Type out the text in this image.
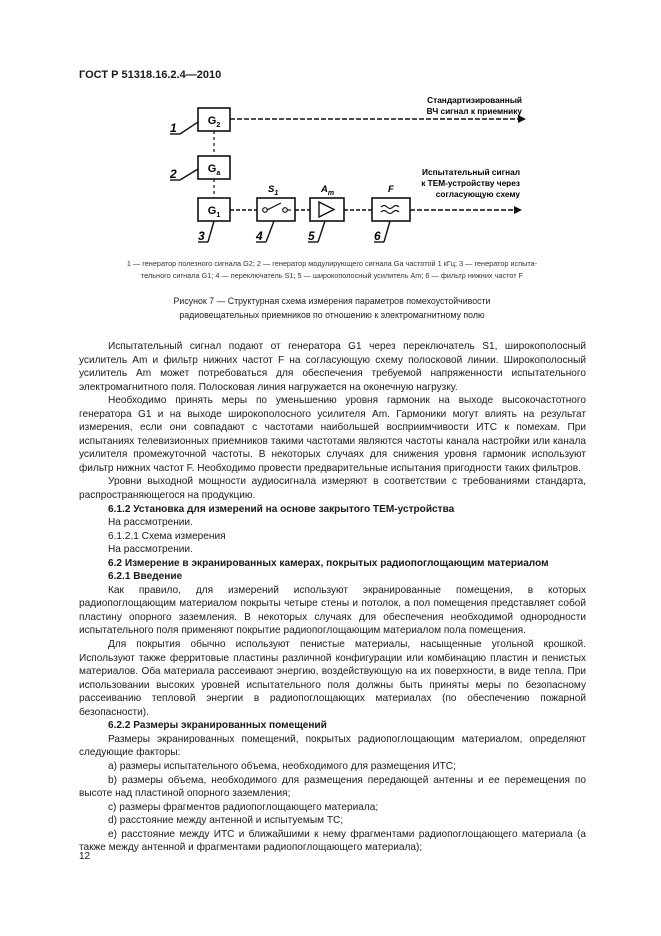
ГОСТ Р 51318.16.2.4—2010
$G_2$
$G_a$
$G_1$
$S_1$	$A_m$	F
1
2
3	4	5	6
Стандартизированный
ВЧ сигнал к приемнику
Испытательный сигнал
к ТЕМ-устройству через
согласующую схему
1 — генератор полезного сигнала G2; 2 — генератор модулирующего сигнала Ga частотой 1 кГц; 3 — генератор испыта-
тельного сигнала G1; 4 — переключатель S1; 5 — широкополосный усилитель Am; 6 — фильтр нижних частот F
Рисунок 7 — Структурная схема измерения параметров помехоустойчивости
радиовещательных приемников по отношению к электромагнитному полю

Испытательный сигнал подают от генератора G1 через переключатель S1, широкополосный усилитель Am и фильтр нижних частот F на согласующую схему полосковой линии. Широкополосный усилитель Am может потребоваться для обеспечения требуемой напряженности испытательного электромагнитного поля. Полосковая линия нагружается на оконечную нагрузку.

Необходимо принять меры по уменьшению уровня гармоник на выходе высокочастотного генератора G1 и на выходе широкополосного усилителя Am. Гармоники могут влиять на результат измерения, если они совпадают с частотами наибольшей восприимчивости ИТС к помехам. При испытаниях телевизионных приемников такими частотами являются частоты канала настройки или канала усилителя промежуточной частоты. В некоторых случаях для снижения уровня гармоник используют фильтр нижних частот F. Необходимо провести предварительные испытания пригодности таких фильтров.

Уровни выходной мощности аудиосигнала измеряют в соответствии с требованиями стандарта, распространяющегося на продукцию.

6.1.2 Установка для измерений на основе закрытого ТЕМ-устройства

На рассмотрении.

6.1.2.1 Схема измерения

На рассмотрении.

6.2 Измерение в экранированных камерах, покрытых радиопоглощающим материалом

6.2.1 Введение

Как правило, для измерений используют экранированные помещения, в которых радиопоглощающим материалом покрыты четыре стены и потолок, а пол помещения представляет собой пластину опорного заземления. В некоторых случаях для обеспечения необходимой однородности испытательного поля применяют покрытие радиопоглощающим материалом пола помещения.

Для покрытия обычно используют пенистые материалы, насыщенные угольной крошкой. Используют также ферритовые пластины различной конфигурации или комбинацию пластин и пенистых материалов. Оба материала рассеивают энергию, воздействующую на их поверхности, в виде тепла. При использовании высоких уровней испытательного поля должны быть приняты меры по безопасному рассеиванию тепловой энергии в радиопоглощающих материалах (по обеспечению пожарной безопасности).

6.2.2 Размеры экранированных помещений

Размеры экранированных помещений, покрытых радиопоглощающим материалом, определяют следующие факторы:

a) размеры испытательного объема, необходимого для размещения ИТС;

b) размеры объема, необходимого для размещения передающей антенны и ее перемещения по высоте над пластиной опорного заземления;

c) размеры фрагментов радиопоглощающего материала;

d) расстояние между антенной и испытуемым ТС;

e) расстояние между ИТС и ближайшими к нему фрагментами радиопоглощающего материала (а также между антенной и фрагментами радиопоглощающего материала);

12
